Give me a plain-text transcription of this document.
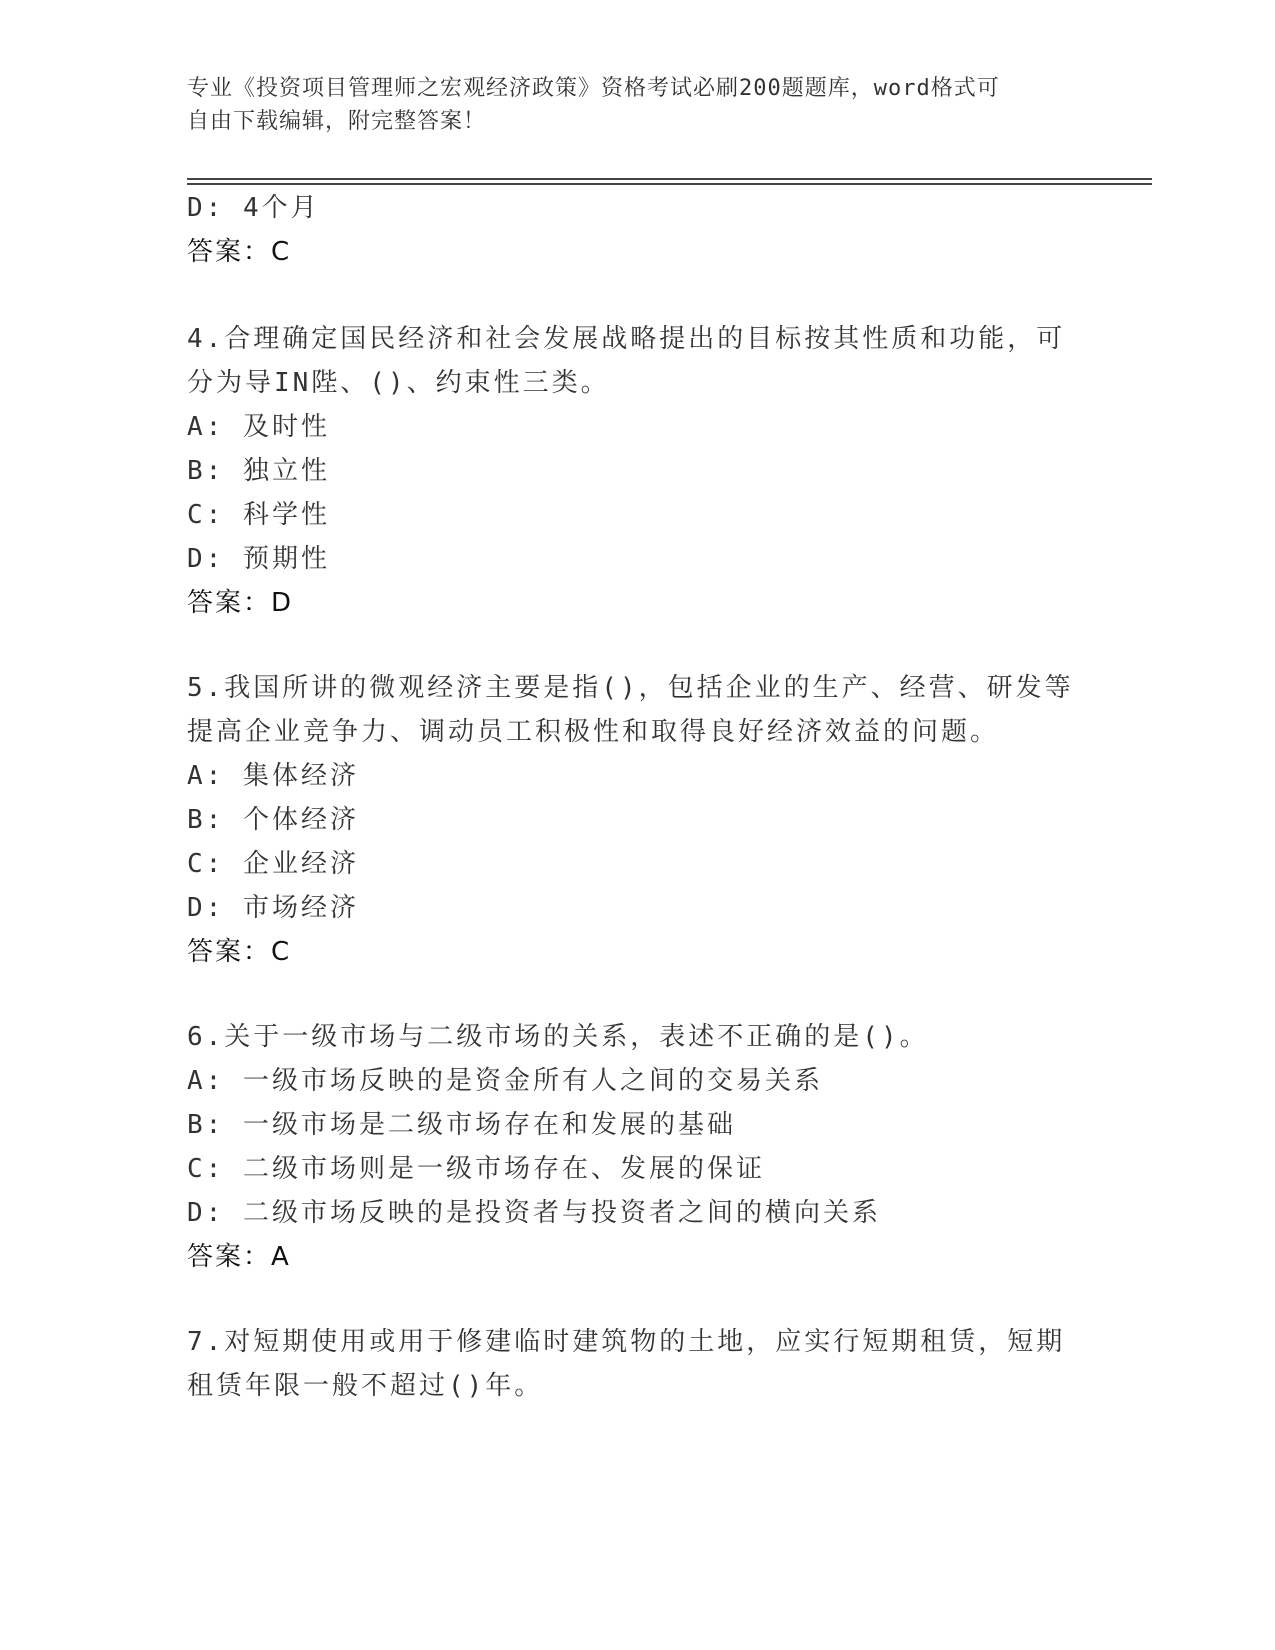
专业《投资项目管理师之宏观经济政策》资格考试必刷200题题库，word格式可
自由下载编辑，附完整答案！
D: 4个月
答案：C
4.合理确定国民经济和社会发展战略提出的目标按其性质和功能，可
分为导IN陛、()、约束性三类。
A: 及时性
B: 独立性
C: 科学性
D: 预期性
答案：D
5.我国所讲的微观经济主要是指()，包括企业的生产、经营、研发等
提高企业竞争力、调动员工积极性和取得良好经济效益的问题。
A: 集体经济
B: 个体经济
C: 企业经济
D: 市场经济
答案：C
6.关于一级市场与二级市场的关系，表述不正确的是()。
A: 一级市场反映的是资金所有人之间的交易关系
B: 一级市场是二级市场存在和发展的基础
C: 二级市场则是一级市场存在、发展的保证
D: 二级市场反映的是投资者与投资者之间的横向关系
答案：A
7.对短期使用或用于修建临时建筑物的土地，应实行短期租赁，短期
租赁年限一般不超过()年。
